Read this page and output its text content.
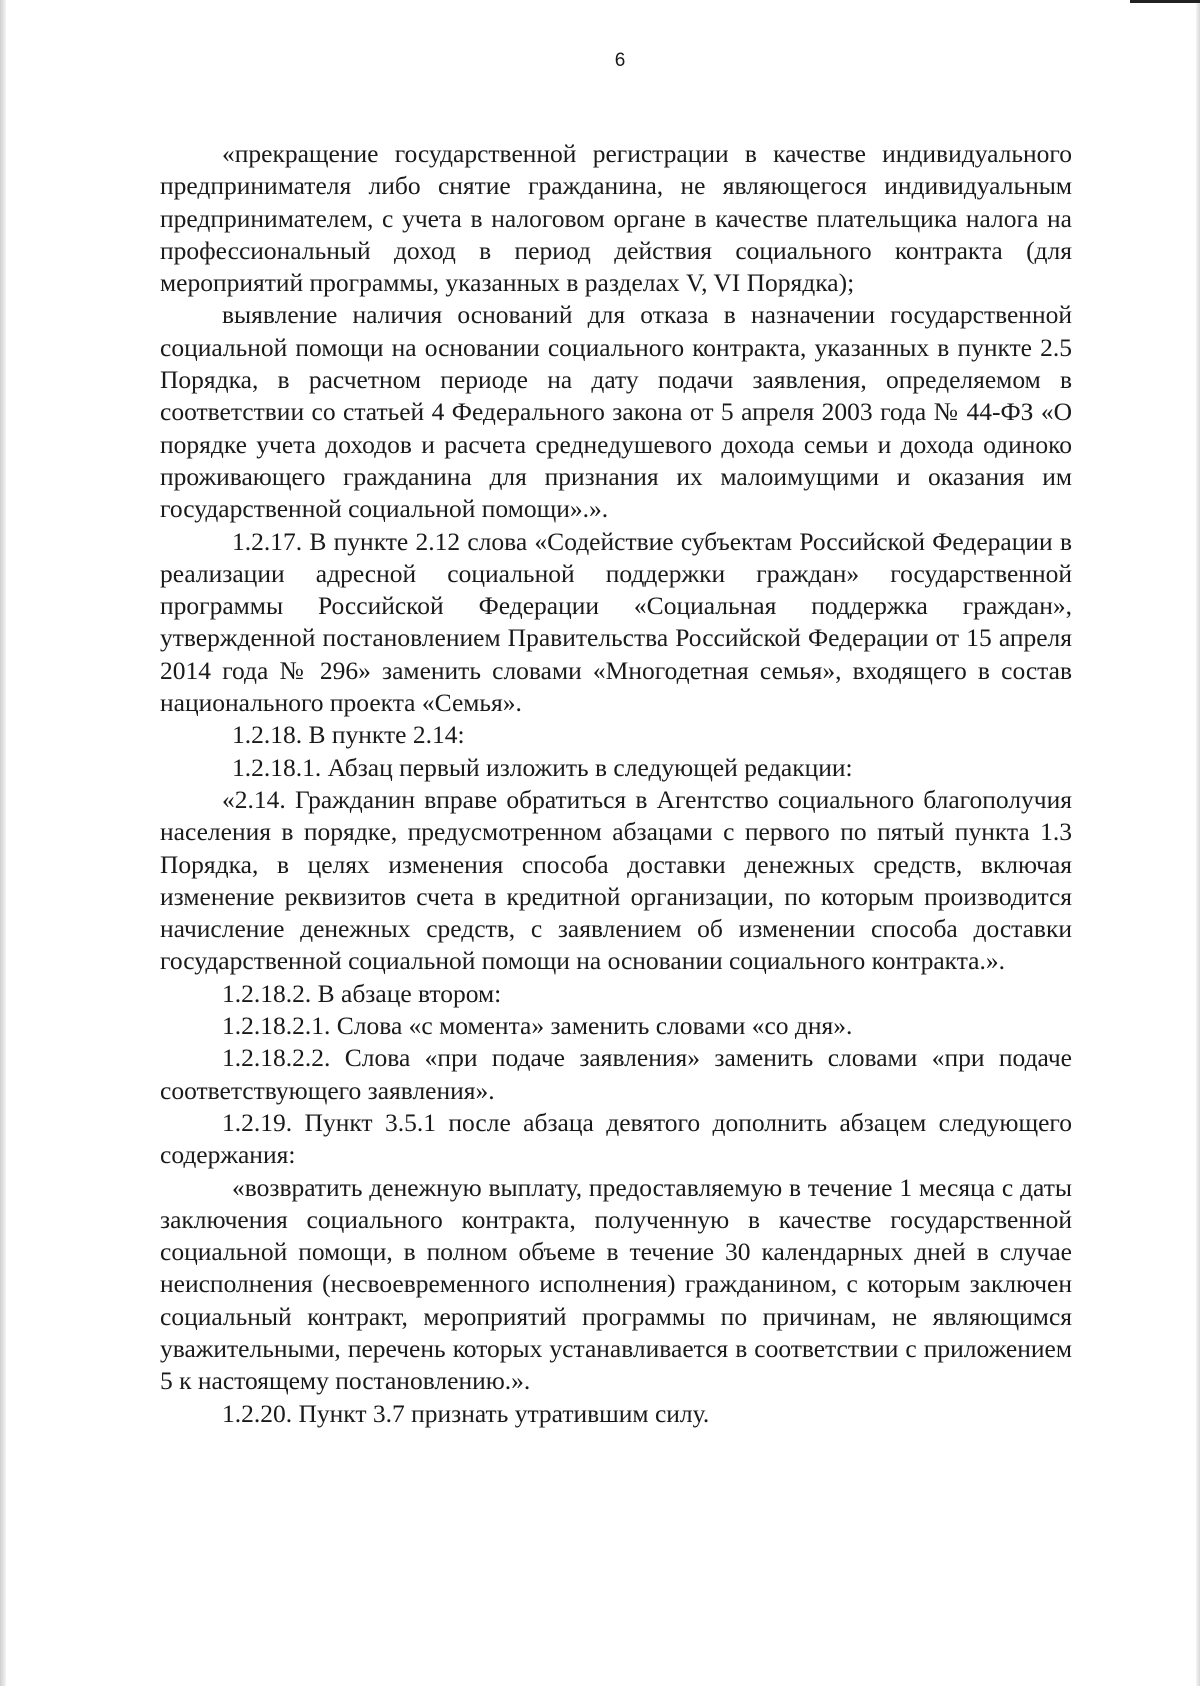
6

«прекращение государственной регистрации в качестве индивидуального предпринимателя либо снятие гражданина, не являющегося индивидуальным предпринимателем, с учета в налоговом органе в качестве плательщика налога на профессиональный доход в период действия социального контракта (для мероприятий программы, указанных в разделах V, VI Порядка);

выявление наличия оснований для отказа в назначении государственной социальной помощи на основании социального контракта, указанных в пункте 2.5 Порядка, в расчетном периоде на дату подачи заявления, определяемом в соответствии со статьей 4 Федерального закона от 5 апреля 2003 года № 44-ФЗ «О порядке учета доходов и расчета среднедушевого дохода семьи и дохода одиноко проживающего гражданина для признания их малоимущими и оказания им государственной социальной помощи».».

1.2.17. В пункте 2.12 слова «Содействие субъектам Российской Федерации в реализации адресной социальной поддержки граждан» государственной программы Российской Федерации «Социальная поддержка граждан», утвержденной постановлением Правительства Российской Федерации от 15 апреля 2014 года № 296» заменить словами «Многодетная семья», входящего в состав национального проекта «Семья».

1.2.18. В пункте 2.14:

1.2.18.1. Абзац первый изложить в следующей редакции:

«2.14. Гражданин вправе обратиться в Агентство социального благополучия населения в порядке, предусмотренном абзацами с первого по пятый пункта 1.3 Порядка, в целях изменения способа доставки денежных средств, включая изменение реквизитов счета в кредитной организации, по которым производится начисление денежных средств, с заявлением об изменении способа доставки государственной социальной помощи на основании социального контракта.».

1.2.18.2. В абзаце втором:

1.2.18.2.1. Слова «с момента» заменить словами «со дня».

1.2.18.2.2. Слова «при подаче заявления» заменить словами «при подаче соответствующего заявления».

1.2.19. Пункт 3.5.1 после абзаца девятого дополнить абзацем следующего содержания:

«возвратить денежную выплату, предоставляемую в течение 1 месяца с даты заключения социального контракта, полученную в качестве государственной социальной помощи, в полном объеме в течение 30 календарных дней в случае неисполнения (несвоевременного исполнения) гражданином, с которым заключен социальный контракт, мероприятий программы по причинам, не являющимся уважительными, перечень которых устанавливается в соответствии с приложением 5 к настоящему постановлению.».

1.2.20. Пункт 3.7 признать утратившим силу.
